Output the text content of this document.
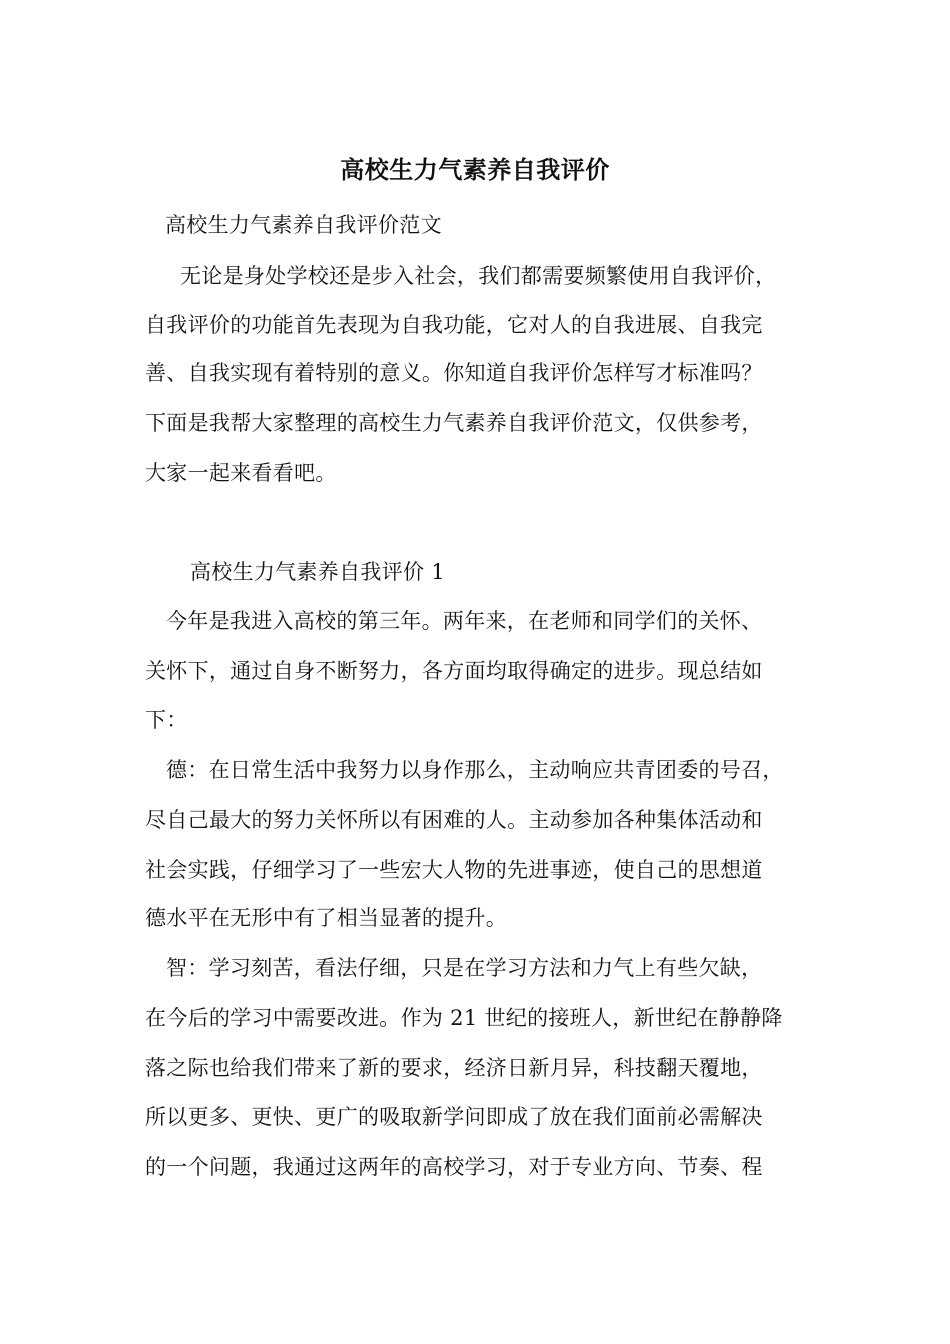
高校生力气素养自我评价
高校生力气素养自我评价范文
无论是身处学校还是步入社会，我们都需要频繁使用自我评价，
自我评价的功能首先表现为自我功能，它对人的自我进展、自我完
善、自我实现有着特别的意义。你知道自我评价怎样写才标准吗？
下面是我帮大家整理的高校生力气素养自我评价范文，仅供参考，
大家一起来看看吧。
高校生力气素养自我评价 1
今年是我进入高校的第三年。两年来，在老师和同学们的关怀、
关怀下，通过自身不断努力，各方面均取得确定的进步。现总结如
下：
德：在日常生活中我努力以身作那么，主动响应共青团委的号召，
尽自己最大的努力关怀所以有困难的人。主动参加各种集体活动和
社会实践，仔细学习了一些宏大人物的先进事迹，使自己的思想道
德水平在无形中有了相当显著的提升。
智：学习刻苦，看法仔细，只是在学习方法和力气上有些欠缺，
在今后的学习中需要改进。作为 21 世纪的接班人，新世纪在静静降
落之际也给我们带来了新的要求，经济日新月异，科技翻天覆地，
所以更多、更快、更广的吸取新学问即成了放在我们面前必需解决
的一个问题，我通过这两年的高校学习，对于专业方向、节奏、程
